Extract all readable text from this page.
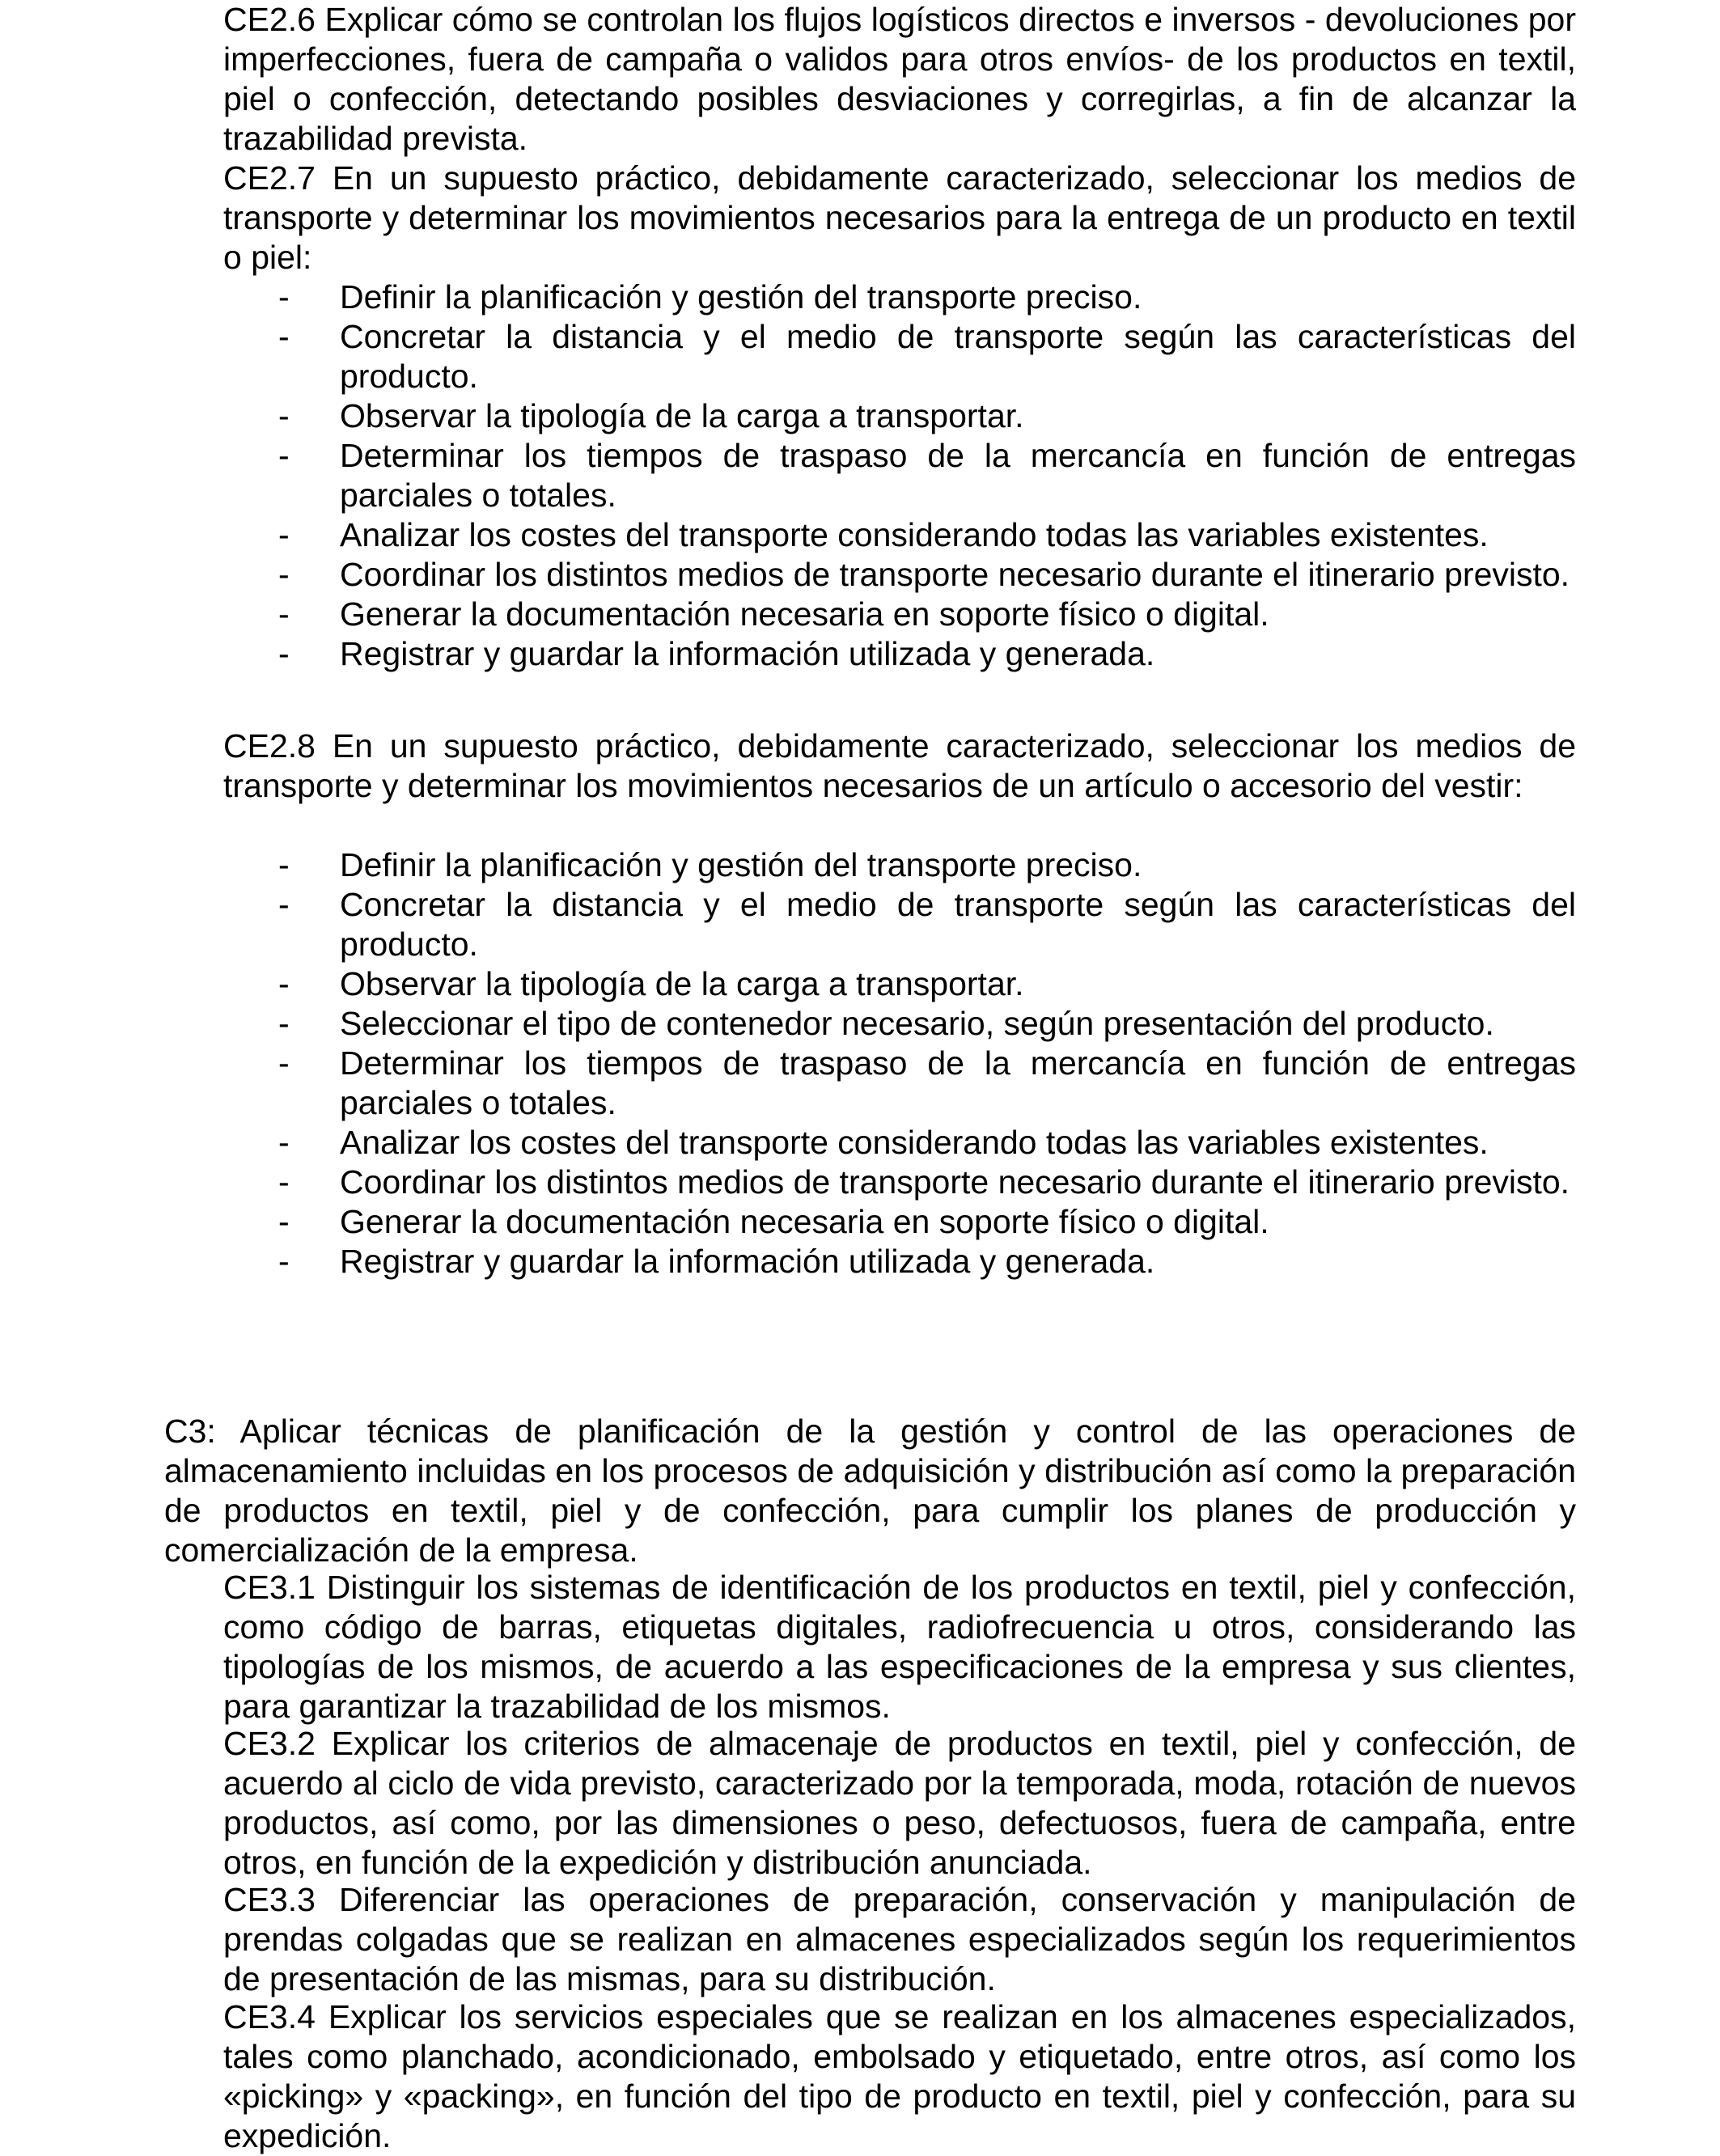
CE2.6 Explicar cómo se controlan los flujos logísticos directos e inversos - devoluciones por imperfecciones, fuera de campaña o validos para otros envíos- de los productos en textil, piel o confección, detectando posibles desviaciones y corregirlas, a fin de alcanzar la trazabilidad prevista.

CE2.7 En un supuesto práctico, debidamente caracterizado, seleccionar los medios de transporte y determinar los movimientos necesarios para la entrega de un producto en textil o piel:

- Definir la planificación y gestión del transporte preciso.
- Concretar la distancia y el medio de transporte según las características del producto.
- Observar la tipología de la carga a transportar.
- Determinar los tiempos de traspaso de la mercancía en función de entregas parciales o totales.
- Analizar los costes del transporte considerando todas las variables existentes.
- Coordinar los distintos medios de transporte necesario durante el itinerario previsto.
- Generar la documentación necesaria en soporte físico o digital.
- Registrar y guardar la información utilizada y generada.

CE2.8 En un supuesto práctico, debidamente caracterizado, seleccionar los medios de transporte y determinar los movimientos necesarios de un artículo o accesorio del vestir:

- Definir la planificación y gestión del transporte preciso.
- Concretar la distancia y el medio de transporte según las características del producto.
- Observar la tipología de la carga a transportar.
- Seleccionar el tipo de contenedor necesario, según presentación del producto.
- Determinar los tiempos de traspaso de la mercancía en función de entregas parciales o totales.
- Analizar los costes del transporte considerando todas las variables existentes.
- Coordinar los distintos medios de transporte necesario durante el itinerario previsto.
- Generar la documentación necesaria en soporte físico o digital.
- Registrar y guardar la información utilizada y generada.

C3: Aplicar técnicas de planificación de la gestión y control de las operaciones de almacenamiento incluidas en los procesos de adquisición y distribución así como la preparación de productos en textil, piel y de confección, para cumplir los planes de producción y comercialización de la empresa.

CE3.1 Distinguir los sistemas de identificación de los productos en textil, piel y confección, como código de barras, etiquetas digitales, radiofrecuencia u otros, considerando las tipologías de los mismos, de acuerdo a las especificaciones de la empresa y sus clientes, para garantizar la trazabilidad de los mismos.

CE3.2 Explicar los criterios de almacenaje de productos en textil, piel y confección, de acuerdo al ciclo de vida previsto, caracterizado por la temporada, moda, rotación de nuevos productos, así como, por las dimensiones o peso, defectuosos, fuera de campaña, entre otros, en función de la expedición y distribución anunciada.

CE3.3 Diferenciar las operaciones de preparación, conservación y manipulación de prendas colgadas que se realizan en almacenes especializados según los requerimientos de presentación de las mismas, para su distribución.

CE3.4 Explicar los servicios especiales que se realizan en los almacenes especializados, tales como planchado, acondicionado, embolsado y etiquetado, entre otros, así como los «picking» y «packing», en función del tipo de producto en textil, piel y confección, para su expedición.
